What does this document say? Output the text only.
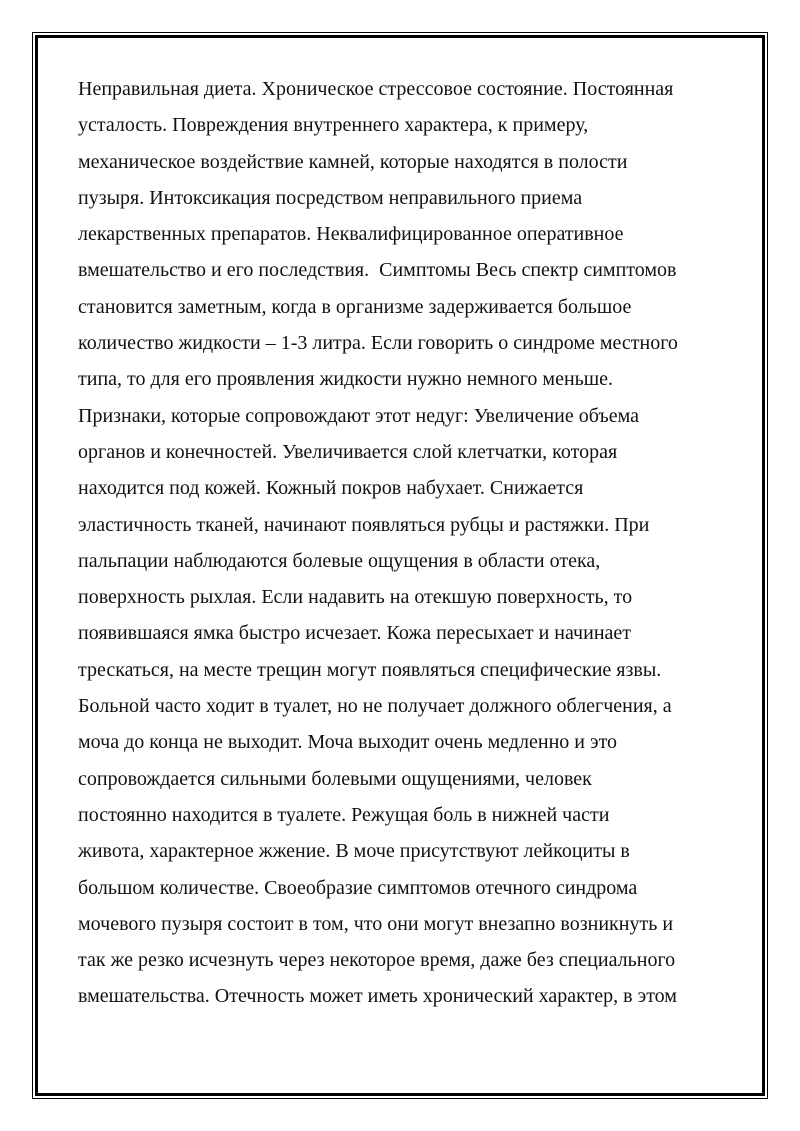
Неправильная диета. Хроническое стрессовое состояние. Постоянная
усталость. Повреждения внутреннего характера, к примеру,
механическое воздействие камней, которые находятся в полости
пузыря. Интоксикация посредством неправильного приема
лекарственных препаратов. Неквалифицированное оперативное
вмешательство и его последствия.  Симптомы Весь спектр симптомов
становится заметным, когда в организме задерживается большое
количество жидкости – 1-3 литра. Если говорить о синдроме местного
типа, то для его проявления жидкости нужно немного меньше.
Признаки, которые сопровождают этот недуг: Увеличение объема
органов и конечностей. Увеличивается слой клетчатки, которая
находится под кожей. Кожный покров набухает. Снижается
эластичность тканей, начинают появляться рубцы и растяжки. При
пальпации наблюдаются болевые ощущения в области отека,
поверхность рыхлая. Если надавить на отекшую поверхность, то
появившаяся ямка быстро исчезает. Кожа пересыхает и начинает
трескаться, на месте трещин могут появляться специфические язвы.
Больной часто ходит в туалет, но не получает должного облегчения, а
моча до конца не выходит. Моча выходит очень медленно и это
сопровождается сильными болевыми ощущениями, человек
постоянно находится в туалете. Режущая боль в нижней части
живота, характерное жжение. В моче присутствуют лейкоциты в
большом количестве. Своеобразие симптомов отечного синдрома
мочевого пузыря состоит в том, что они могут внезапно возникнуть и
так же резко исчезнуть через некоторое время, даже без специального
вмешательства. Отечность может иметь хронический характер, в этом
